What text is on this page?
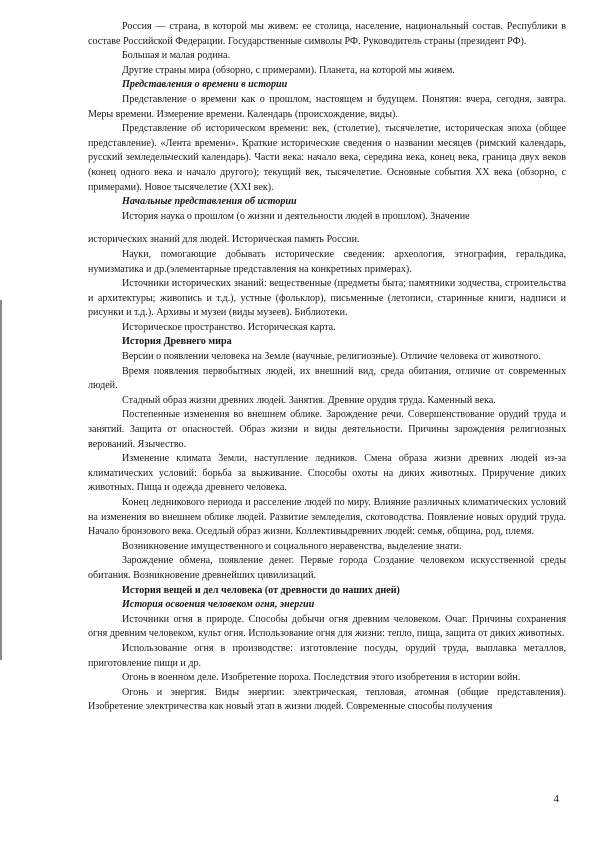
Россия — страна, в которой мы живем: ее столица, население, национальный состав. Республики в составе Российской Федерации. Государственные символы РФ. Руководитель страны (президент РФ).
Большая и малая родина.
Другие страны мира (обзорно, с примерами). Планета, на которой мы живем.
Представления о времени в истории
Представление о времени как о прошлом, настоящем и будущем. Понятия: вчера, сегодня, завтра. Меры времени. Измерение времени. Календарь (происхождение, виды).
Представление об историческом времени: век, (столетие), тысячелетие, историческая эпоха (общее представление). «Лента времени». Краткие исторические сведения о названии месяцев (римский календарь, русский земледельческий календарь). Части века: начало века, середина века, конец века, граница двух веков (конец одного века и начало другого); текущий век, тысячелетие. Основные события XX века (обзорно, с примерами). Новое тысячелетие (XXI век).
Начальные представления об истории
История наука о прошлом (о жизни и деятельности людей в прошлом). Значение
исторических знаний для людей. Историческая память России.
Науки, помогающие добывать исторические сведения: археология, этнография, геральдика, нумизматика и др.(элементарные представления на конкретных примерах).
Источники исторических знаний: вещественные (предметы быта; памятники зодчества, строительства и архитектуры; живопись и т.д.), устные (фольклор), письменные (летописи, старинные книги, надписи и рисунки и т.д.). Архивы и музеи (виды музеев). Библиотеки.
Историческое пространство. Историческая карта.
История Древнего мира
Версии о появлении человека на Земле (научные, религиозные). Отличие человека от животного.
Время появления первобытных людей, их внешний вид, среда обитания, отличие от современных людей.
Стадный образ жизни древних людей. Занятия. Древние орудия труда. Каменный века.
Постепенные изменения во внешнем облике. Зарождение речи. Совершенствование орудий труда и занятий. Защита от опасностей. Образ жизни и виды деятельности. Причины зарождения религиозных верований. Язычество.
Изменение климата Земли, наступление ледников. Смена образа жизни древних людей из-за климатических условий: борьба за выживание. Способы охоты на диких животных. Приручение диких животных. Пища и одежда древнего человека.
Конец ледникового периода и расселение людей по миру. Влияние различных климатических условий на изменения во внешнем облике людей. Развитие земледелия, скотоводства. Появление новых орудий труда. Начало бронзового века. Оседлый образ жизни. Коллективыдревних людей: семья, община, род, племя.
Возникновение имущественного и социального неравенства, выделение знати.
Зарождение обмена, появление денег. Первые города Создание человеком искусственной среды обитания. Возникновение древнейших цивилизаций.
История вещей и дел человека (от древности до наших дней)
История освоения человеком огня, энергии
Источники огня в природе. Способы добычи огня древним человеком. Очаг. Причины сохранения огня древним человеком, культ огня. Использование огня для жизни: тепло, пища, защита от диких животных.
Использование огня в производстве: изготовление посуды, орудий труда, выплавка металлов, приготовление пищи и др.
Огонь в военном деле. Изобретение пороха. Последствия этого изобретения в истории войн.
Огонь и энергия. Виды энергии: электрическая, тепловая, атомная (общие представления). Изобретение электричества как новый этап в жизни людей. Современные способы получения
4
